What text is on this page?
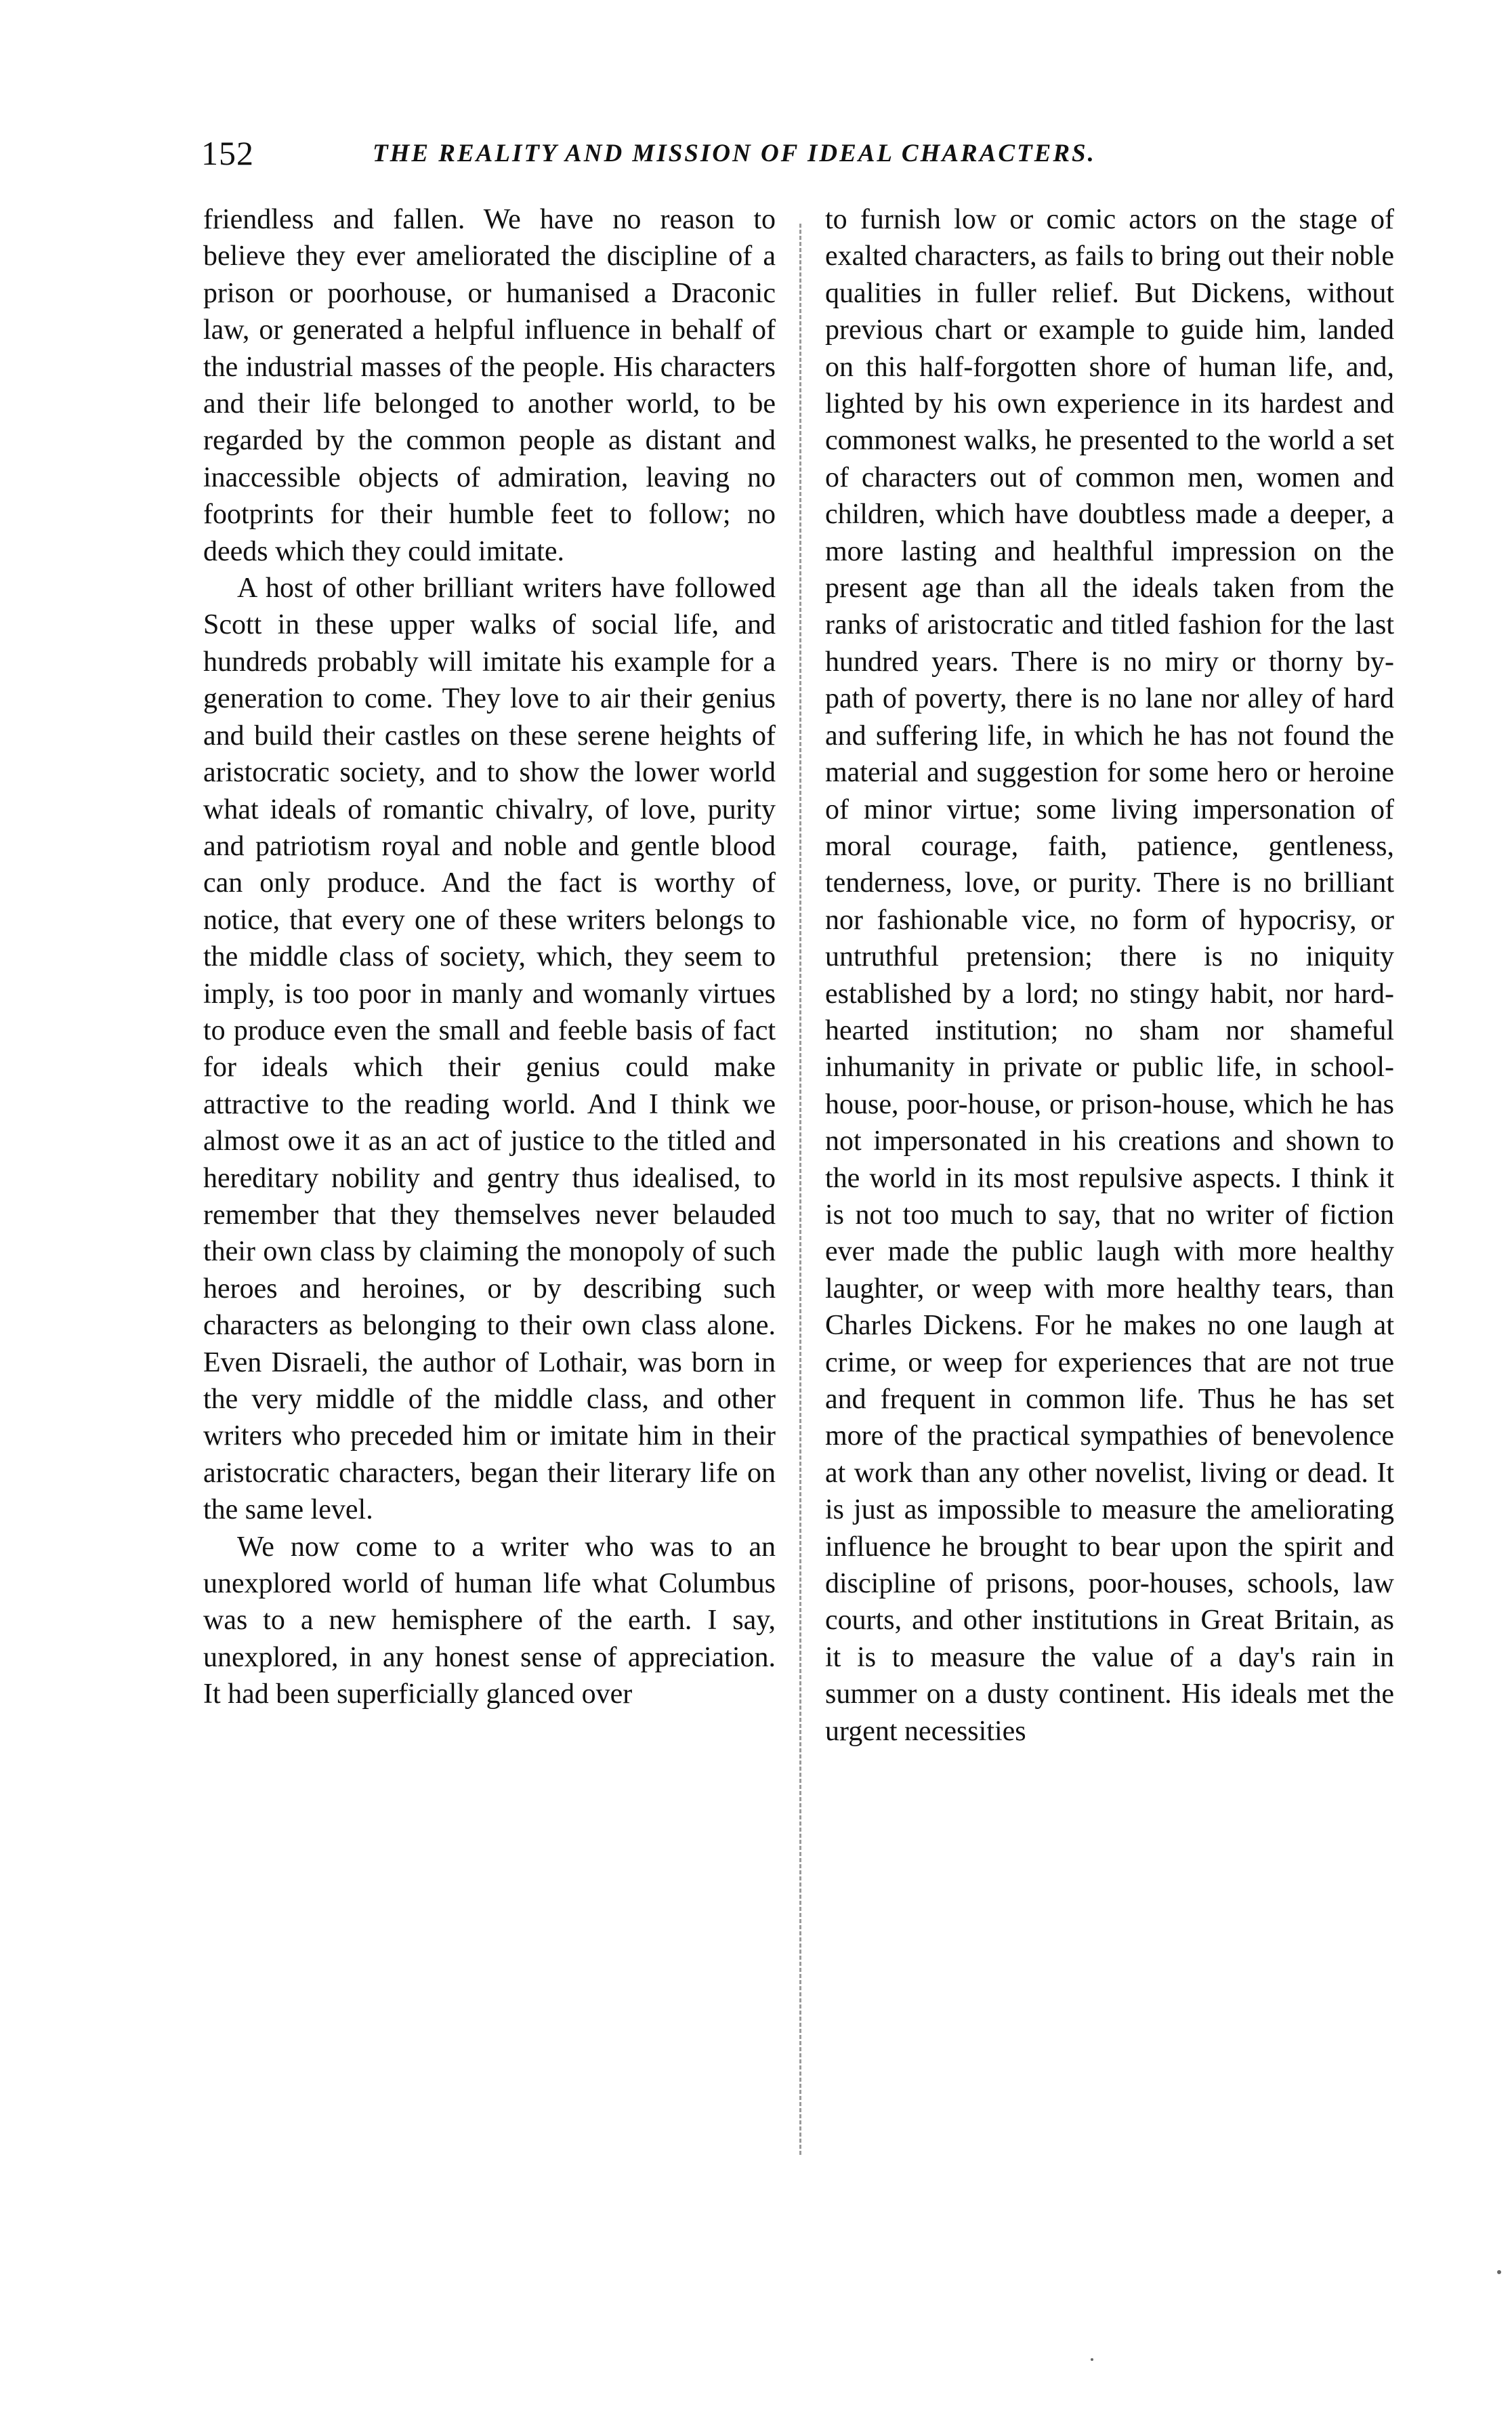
152	THE REALITY AND MISSION OF IDEAL CHARACTERS.

friendless and fallen. We have no reason to believe they ever ameliorated the discipline of a prison or poorhouse, or humanised a Draconic law, or generated a helpful influence in behalf of the industrial masses of the people. His characters and their life belonged to another world, to be regarded by the common people as distant and inaccessible objects of admiration, leaving no footprints for their humble feet to follow; no deeds which they could imitate.

A host of other brilliant writers have followed Scott in these upper walks of social life, and hundreds probably will imitate his example for a generation to come. They love to air their genius and build their castles on these serene heights of aristocratic society, and to show the lower world what ideals of romantic chivalry, of love, purity and patriotism royal and noble and gentle blood can only produce. And the fact is worthy of notice, that every one of these writers belongs to the middle class of society, which, they seem to imply, is too poor in manly and womanly virtues to produce even the small and feeble basis of fact for ideals which their genius could make attractive to the reading world. And I think we almost owe it as an act of justice to the titled and hereditary nobility and gentry thus idealised, to remember that they themselves never belauded their own class by claiming the monopoly of such heroes and heroines, or by describing such characters as belonging to their own class alone. Even Disraeli, the author of Lothair, was born in the very middle of the middle class, and other writers who preceded him or imitate him in their aristocratic characters, began their literary life on the same level.

We now come to a writer who was to an unexplored world of human life what Columbus was to a new hemisphere of the earth. I say, unexplored, in any honest sense of appreciation. It had been superficially glanced over

to furnish low or comic actors on the stage of exalted characters, as fails to bring out their noble qualities in fuller relief. But Dickens, without previous chart or example to guide him, landed on this half-forgotten shore of human life, and, lighted by his own experience in its hardest and commonest walks, he presented to the world a set of characters out of common men, women and children, which have doubtless made a deeper, a more lasting and healthful impression on the present age than all the ideals taken from the ranks of aristocratic and titled fashion for the last hundred years. There is no miry or thorny by-path of poverty, there is no lane nor alley of hard and suffering life, in which he has not found the material and suggestion for some hero or heroine of minor virtue; some living impersonation of moral courage, faith, patience, gentleness, tenderness, love, or purity. There is no brilliant nor fashionable vice, no form of hypocrisy, or untruthful pretension; there is no iniquity established by a lord; no stingy habit, nor hard-hearted institution; no sham nor shameful inhumanity in private or public life, in school-house, poor-house, or prison-house, which he has not impersonated in his creations and shown to the world in its most repulsive aspects. I think it is not too much to say, that no writer of fiction ever made the public laugh with more healthy laughter, or weep with more healthy tears, than Charles Dickens. For he makes no one laugh at crime, or weep for experiences that are not true and frequent in common life. Thus he has set more of the practical sympathies of benevolence at work than any other novelist, living or dead. It is just as impossible to measure the ameliorating influence he brought to bear upon the spirit and discipline of prisons, poor-houses, schools, law courts, and other institutions in Great Britain, as it is to measure the value of a day's rain in summer on a dusty continent. His ideals met the urgent necessities
